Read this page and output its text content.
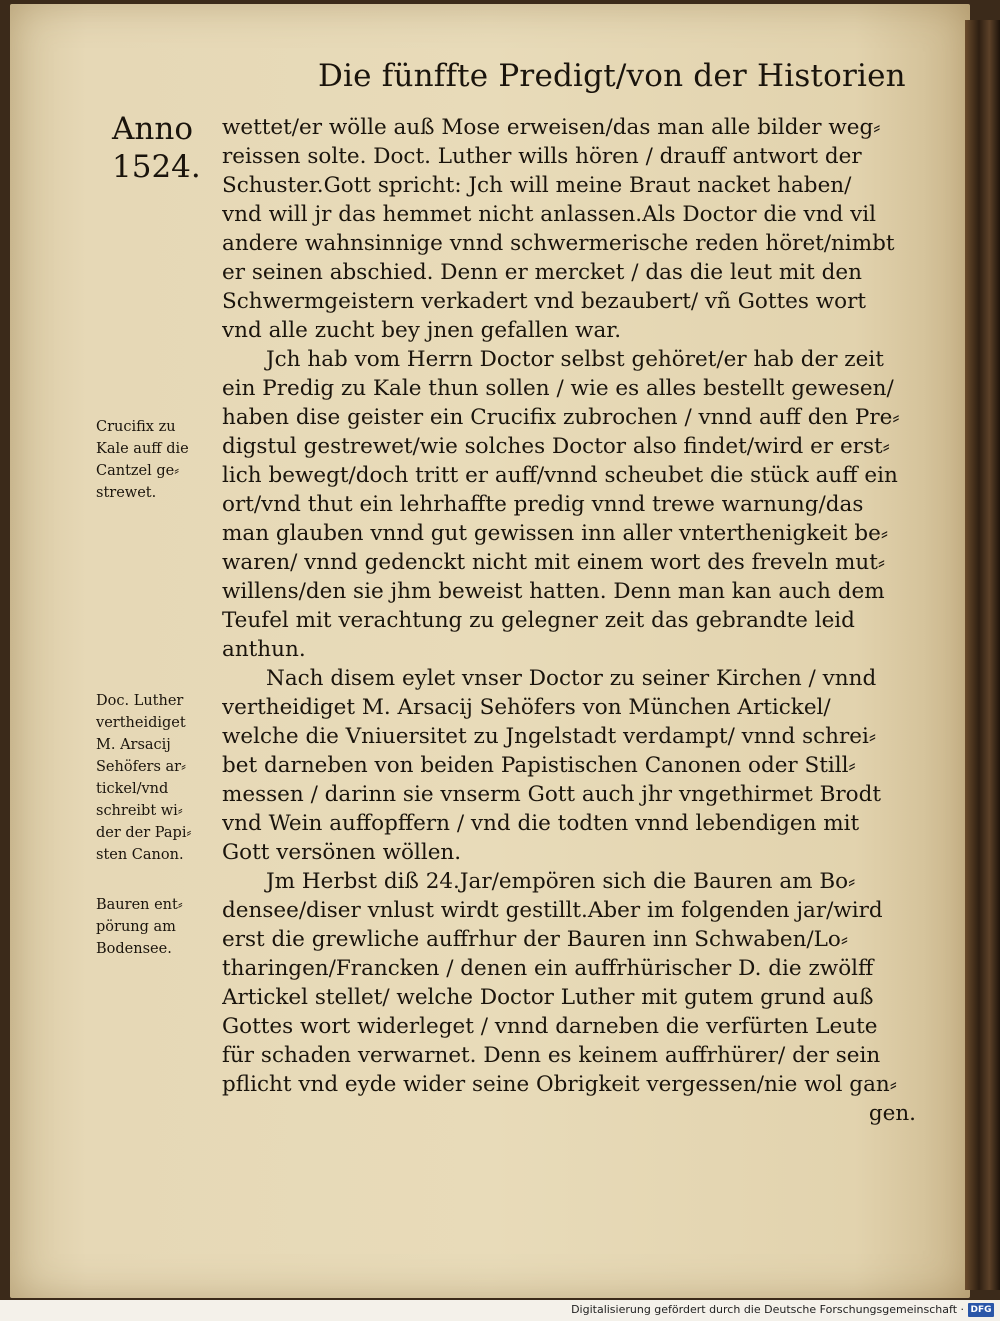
Die fünffte Predigt/von der Historien
Anno
1524.
wettet/er wölle auß Mose erweisen/das man alle bilder weg⸗
reissen solte. Doct. Luther wills hören / drauff antwort der
Schuster.Gott spricht: Jch will meine Braut nacket haben/
vnd will jr das hemmet nicht anlassen.Als Doctor die vnd vil
andere wahnsinnige vnnd schwermerische reden höret/nimbt
er seinen abschied. Denn er mercket / das die leut mit den
Schwermgeistern verkadert vnd bezaubert/ vñ Gottes wort
vnd alle zucht bey jnen gefallen war.
Jch hab vom Herrn Doctor selbst gehöret/er hab der zeit
ein Predig zu Kale thun sollen / wie es alles bestellt gewesen/
haben dise geister ein Crucifix zubrochen / vnnd auff den Pre⸗
digstul gestrewet/wie solches Doctor also findet/wird er erst⸗
lich bewegt/doch tritt er auff/vnnd scheubet die stück auff ein
ort/vnd thut ein lehrhaffte predig vnnd trewe warnung/das
man glauben vnnd gut gewissen inn aller vnterthenigkeit be⸗
waren/ vnnd gedenckt nicht mit einem wort des freveln mut⸗
willens/den sie jhm beweist hatten. Denn man kan auch dem
Teufel mit verachtung zu gelegner zeit das gebrandte leid
anthun.
Nach disem eylet vnser Doctor zu seiner Kirchen / vnnd
vertheidiget M. Arsacij Sehöfers von München Artickel/
welche die Vniuersitet zu Jngelstadt verdampt/ vnnd schrei⸗
bet darneben von beiden Papistischen Canonen oder Still⸗
messen / darinn sie vnserm Gott auch jhr vngethirmet Brodt
vnd Wein auffopffern / vnd die todten vnnd lebendigen mit
Gott versönen wöllen.
Jm Herbst diß 24.Jar/empören sich die Bauren am Bo⸗
densee/diser vnlust wirdt gestillt.Aber im folgenden jar/wird
erst die grewliche auffrhur der Bauren inn Schwaben/Lo⸗
tharingen/Francken / denen ein auffrhürischer D. die zwölff
Artickel stellet/ welche Doctor Luther mit gutem grund auß
Gottes wort widerleget / vnnd darneben die verfürten Leute
für schaden verwarnet. Denn es keinem auffrhürer/ der sein
pflicht vnd eyde wider seine Obrigkeit vergessen/nie wol gan⸗
gen.
Crucifix zu
Kale auff die
Cantzel ge⸗
strewet.
Doc. Luther
vertheidiget
M. Arsacij
Sehöfers ar⸗
tickel/vnd
schreibt wi⸗
der der Papi⸗
sten Canon.
Bauren ent⸗
pörung am
Bodensee.
Digitalisierung gefördert durch die Deutsche Forschungsgemeinschaft · DFG
